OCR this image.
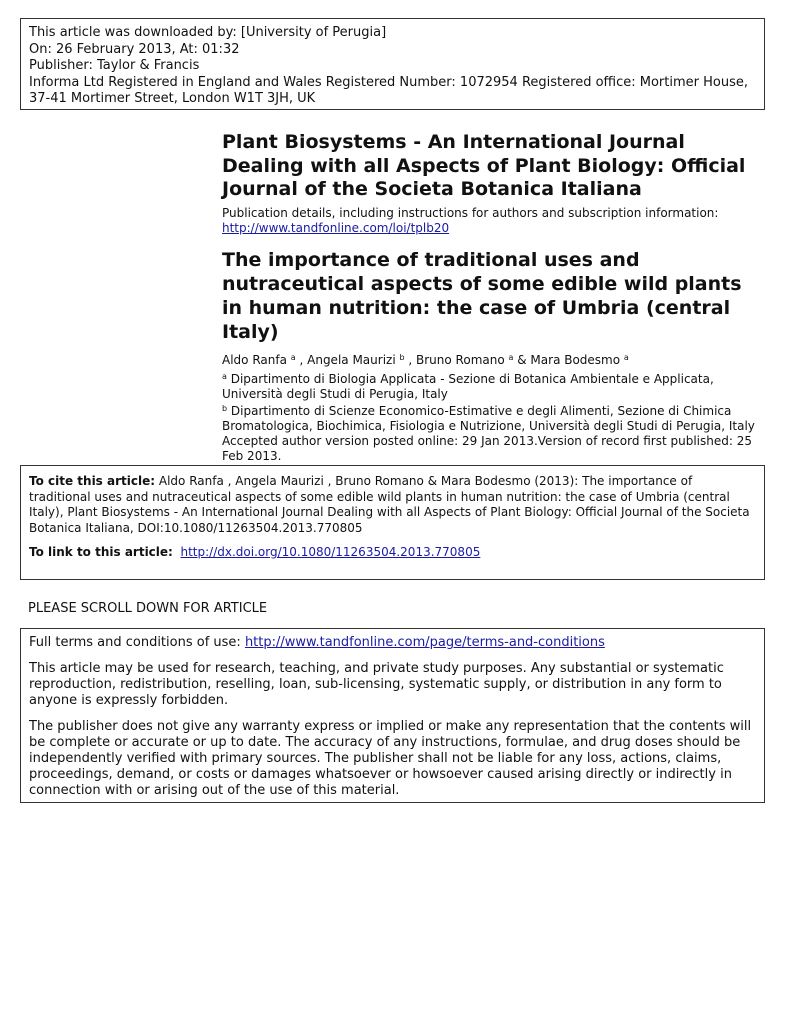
This article was downloaded by: [University of Perugia]
On: 26 February 2013, At: 01:32
Publisher: Taylor & Francis
Informa Ltd Registered in England and Wales Registered Number: 1072954 Registered office: Mortimer House,
37-41 Mortimer Street, London W1T 3JH, UK
Plant Biosystems - An International Journal Dealing with all Aspects of Plant Biology: Official Journal of the Societa Botanica Italiana
Publication details, including instructions for authors and subscription information:
http://www.tandfonline.com/loi/tplb20
The importance of traditional uses and nutraceutical aspects of some edible wild plants in human nutrition: the case of Umbria (central Italy)
Aldo Ranfa $^a$ , Angela Maurizi $^b$ , Bruno Romano $^a$ & Mara Bodesmo $^a$
$^a$ Dipartimento di Biologia Applicata - Sezione di Botanica Ambientale e Applicata, Università degli Studi di Perugia, Italy
$^b$ Dipartimento di Scienze Economico-Estimative e degli Alimenti, Sezione di Chimica Bromatologica, Biochimica, Fisiologia e Nutrizione, Università degli Studi di Perugia, Italy
Accepted author version posted online: 29 Jan 2013.Version of record first published: 25 Feb 2013.
To cite this article: Aldo Ranfa , Angela Maurizi , Bruno Romano & Mara Bodesmo (2013): The importance of traditional uses and nutraceutical aspects of some edible wild plants in human nutrition: the case of Umbria (central Italy), Plant Biosystems - An International Journal Dealing with all Aspects of Plant Biology: Official Journal of the Societa Botanica Italiana, DOI:10.1080/11263504.2013.770805
To link to this article: http://dx.doi.org/10.1080/11263504.2013.770805
PLEASE SCROLL DOWN FOR ARTICLE

Full terms and conditions of use: http://www.tandfonline.com/page/terms-and-conditions

This article may be used for research, teaching, and private study purposes. Any substantial or systematic reproduction, redistribution, reselling, loan, sub-licensing, systematic supply, or distribution in any form to anyone is expressly forbidden.

The publisher does not give any warranty express or implied or make any representation that the contents will be complete or accurate or up to date. The accuracy of any instructions, formulae, and drug doses should be independently verified with primary sources. The publisher shall not be liable for any loss, actions, claims, proceedings, demand, or costs or damages whatsoever or howsoever caused arising directly or indirectly in connection with or arising out of the use of this material.
